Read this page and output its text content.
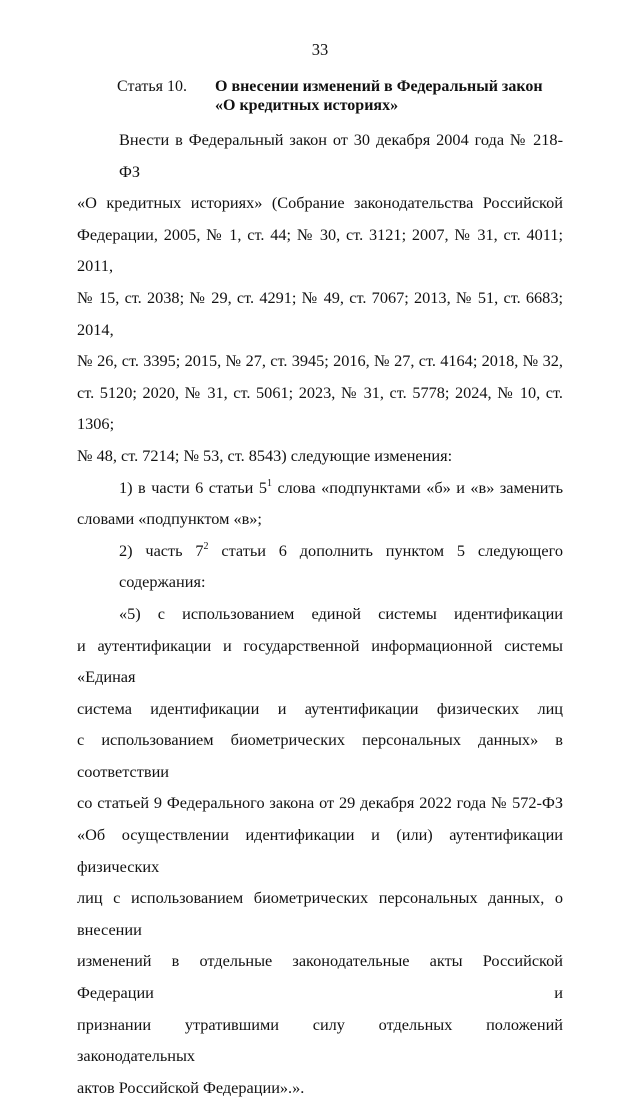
33
Статья 10. О внесении изменений в Федеральный закон
«О кредитных историях»
Внести в Федеральный закон от 30 декабря 2004 года № 218-ФЗ
«О кредитных историях» (Собрание законодательства Российской
Федерации, 2005, № 1, ст. 44; № 30, ст. 3121; 2007, № 31, ст. 4011; 2011,
№ 15, ст. 2038; № 29, ст. 4291; № 49, ст. 7067; 2013, № 51, ст. 6683; 2014,
№ 26, ст. 3395; 2015, № 27, ст. 3945; 2016, № 27, ст. 4164; 2018, № 32,
ст. 5120; 2020, № 31, ст. 5061; 2023, № 31, ст. 5778; 2024, № 10, ст. 1306;
№ 48, ст. 7214; № 53, ст. 8543) следующие изменения:
1) в части 6 статьи $5^1$ слова «подпунктами «б» и «в» заменить
словами «подпунктом «в»;
2) часть $7^2$ статьи 6 дополнить пунктом 5 следующего содержания:
«5) с использованием единой системы идентификации
и аутентификации и государственной информационной системы «Единая
система идентификации и аутентификации физических лиц
с использованием биометрических персональных данных» в соответствии
со статьей 9 Федерального закона от 29 декабря 2022 года № 572-ФЗ
«Об осуществлении идентификации и (или) аутентификации физических
лиц с использованием биометрических персональных данных, о внесении
изменений в отдельные законодательные акты Российской Федерации и
признании утратившими силу отдельных положений законодательных
актов Российской Федерации».».
